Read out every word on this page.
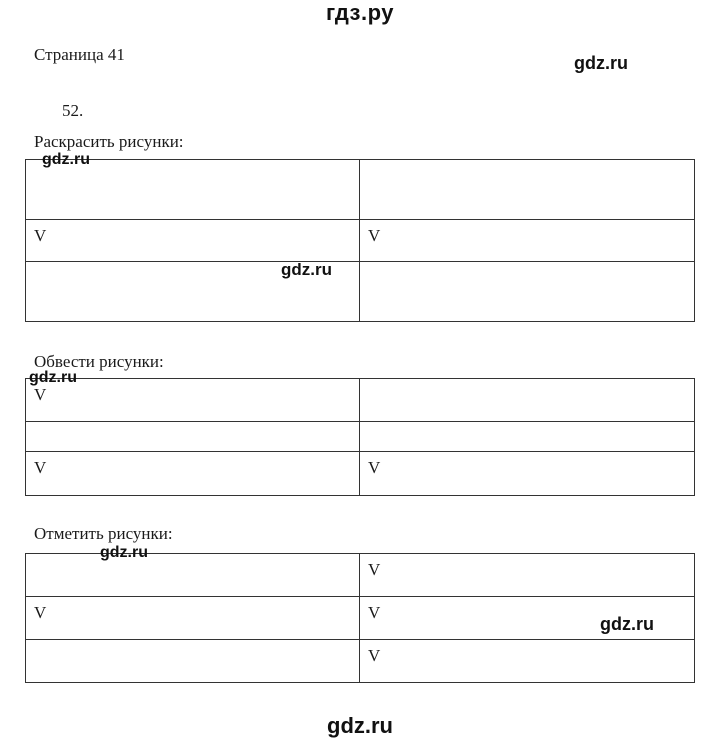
гдз.ру
Страница 41	gdz.ru
52.
Раскрасить рисунки:

V	V

gdz.ru
gdz.ru
Обвести рисунки:
V	

V	V
gdz.ru
Отметить рисунки:
	V
V	V
	V
gdz.ru
gdz.ru
gdz.ru
